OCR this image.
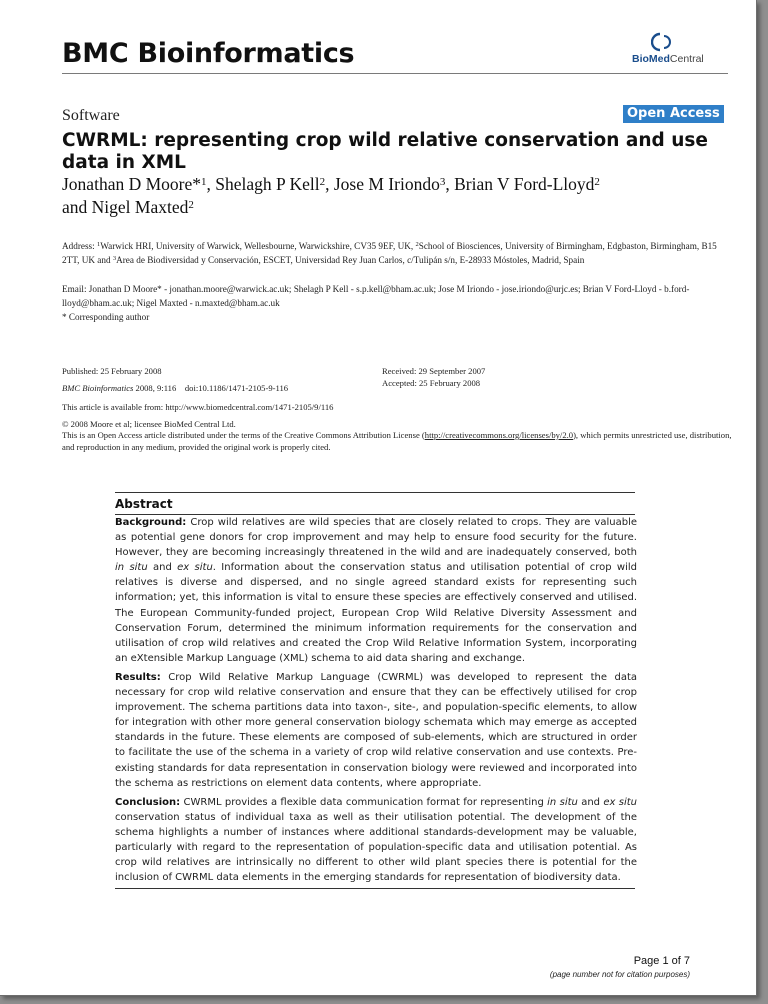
BMC Bioinformatics	BioMedCentral
Software	Open Access
CWRML: representing crop wild relative conservation and use data in XML
Jonathan D Moore*$^1$, Shelagh P Kell$^2$, Jose M Iriondo$^3$, Brian V Ford-Lloyd$^2$
and Nigel Maxted$^2$
Address: $^1$Warwick HRI, University of Warwick, Wellesbourne, Warwickshire, CV35 9EF, UK, $^2$School of Biosciences, University of Birmingham, Edgbaston, Birmingham, B15 2TT, UK and $^3$Area de Biodiversidad y Conservación, ESCET, Universidad Rey Juan Carlos, c/Tulipán s/n, E-28933 Móstoles, Madrid, Spain
Email: Jonathan D Moore* - jonathan.moore@warwick.ac.uk; Shelagh P Kell - s.p.kell@bham.ac.uk; Jose M Iriondo - jose.iriondo@urjc.es; Brian V Ford-Lloyd - b.ford-lloyd@bham.ac.uk; Nigel Maxted - n.maxted@bham.ac.uk
* Corresponding author
Published: 25 February 2008	Received: 29 September 2007
Accepted: 25 February 2008
BMC Bioinformatics 2008, 9:116    doi:10.1186/1471-2105-9-116
This article is available from: http://www.biomedcentral.com/1471-2105/9/116
© 2008 Moore et al; licensee BioMed Central Ltd.
This is an Open Access article distributed under the terms of the Creative Commons Attribution License (http://creativecommons.org/licenses/by/2.0), which permits unrestricted use, distribution, and reproduction in any medium, provided the original work is properly cited.
Abstract
Background: Crop wild relatives are wild species that are closely related to crops. They are valuable as potential gene donors for crop improvement and may help to ensure food security for the future. However, they are becoming increasingly threatened in the wild and are inadequately conserved, both in situ and ex situ. Information about the conservation status and utilisation potential of crop wild relatives is diverse and dispersed, and no single agreed standard exists for representing such information; yet, this information is vital to ensure these species are effectively conserved and utilised. The European Community-funded project, European Crop Wild Relative Diversity Assessment and Conservation Forum, determined the minimum information requirements for the conservation and utilisation of crop wild relatives and created the Crop Wild Relative Information System, incorporating an eXtensible Markup Language (XML) schema to aid data sharing and exchange.
Results: Crop Wild Relative Markup Language (CWRML) was developed to represent the data necessary for crop wild relative conservation and ensure that they can be effectively utilised for crop improvement. The schema partitions data into taxon-, site-, and population-specific elements, to allow for integration with other more general conservation biology schemata which may emerge as accepted standards in the future. These elements are composed of sub-elements, which are structured in order to facilitate the use of the schema in a variety of crop wild relative conservation and use contexts. Pre-existing standards for data representation in conservation biology were reviewed and incorporated into the schema as restrictions on element data contents, where appropriate.
Conclusion: CWRML provides a flexible data communication format for representing in situ and ex situ conservation status of individual taxa as well as their utilisation potential. The development of the schema highlights a number of instances where additional standards-development may be valuable, particularly with regard to the representation of population-specific data and utilisation potential. As crop wild relatives are intrinsically no different to other wild plant species there is potential for the inclusion of CWRML data elements in the emerging standards for representation of biodiversity data.
Page 1 of 7
(page number not for citation purposes)
